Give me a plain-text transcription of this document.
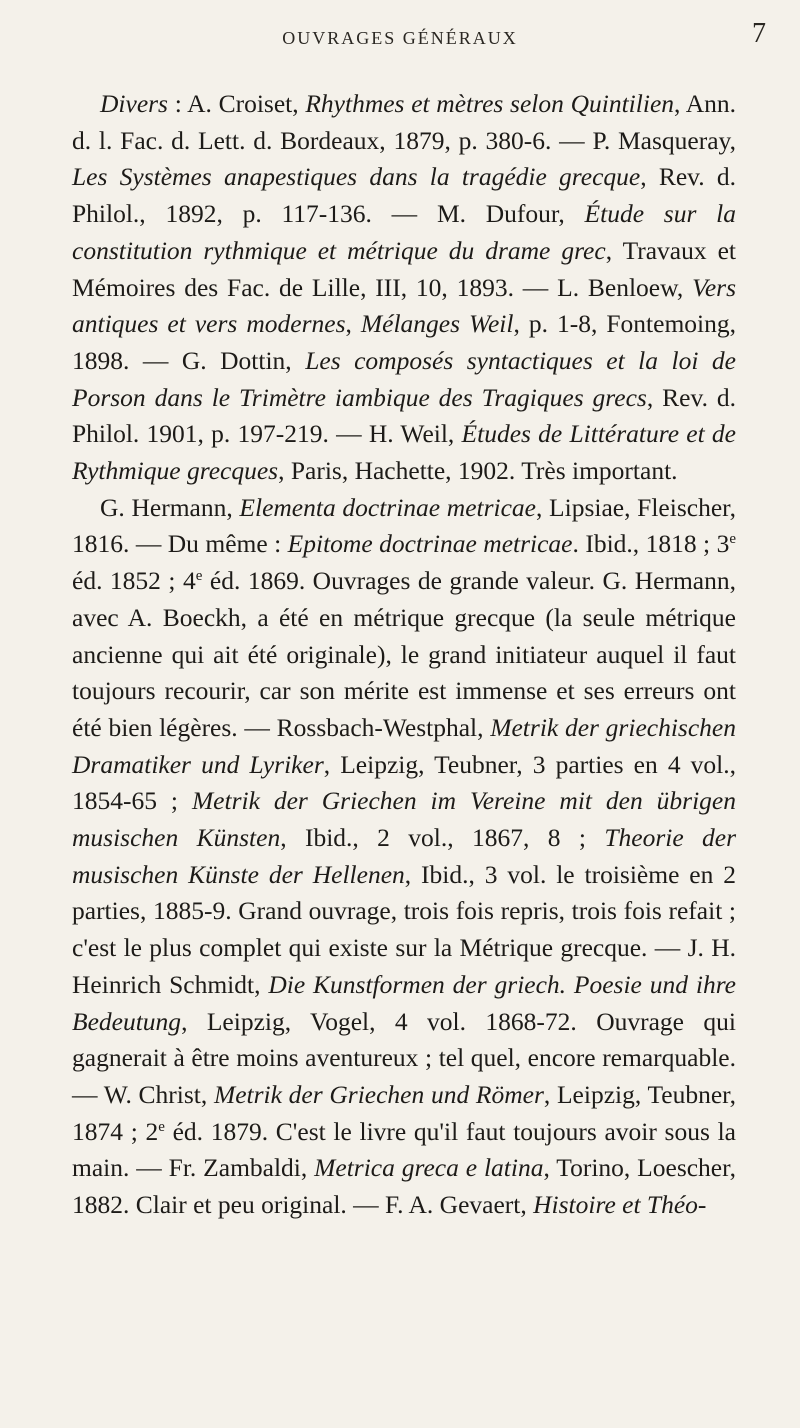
OUVRAGES GÉNÉRAUX	7

Divers : A. Croiset, Rhythmes et mètres selon Quintilien, Ann. d. l. Fac. d. Lett. d. Bordeaux, 1879, p. 380-6. — P. Masqueray, Les Systèmes anapestiques dans la tragédie grecque, Rev. d. Philol., 1892, p. 117-136. — M. Dufour, Étude sur la constitution rythmique et métrique du drame grec, Travaux et Mémoires des Fac. de Lille, III, 10, 1893. — L. Benloew, Vers antiques et vers modernes, Mélanges Weil, p. 1-8, Fontemoing, 1898. — G. Dottin, Les composés syntactiques et la loi de Porson dans le Trimètre iambique des Tragiques grecs, Rev. d. Philol. 1901, p. 197-219. — H. Weil, Études de Littérature et de Rythmique grecques, Paris, Hachette, 1902. Très important.

G. Hermann, Elementa doctrinae metricae, Lipsiae, Fleischer, 1816. — Du même : Epitome doctrinae metricae. Ibid., 1818 ; 3e éd. 1852 ; 4e éd. 1869. Ouvrages de grande valeur. G. Hermann, avec A. Boeckh, a été en métrique grecque (la seule métrique ancienne qui ait été originale), le grand initiateur auquel il faut toujours recourir, car son mérite est immense et ses erreurs ont été bien légères. — Rossbach-Westphal, Metrik der griechischen Dramatiker und Lyriker, Leipzig, Teubner, 3 parties en 4 vol., 1854-65 ; Metrik der Griechen im Vereine mit den übrigen musischen Künsten, Ibid., 2 vol., 1867, 8 ; Theorie der musischen Künste der Hellenen, Ibid., 3 vol. le troisième en 2 parties, 1885-9. Grand ouvrage, trois fois repris, trois fois refait ; c'est le plus complet qui existe sur la Métrique grecque. — J. H. Heinrich Schmidt, Die Kunstformen der griech. Poesie und ihre Bedeutung, Leipzig, Vogel, 4 vol. 1868-72. Ouvrage qui gagnerait à être moins aventureux ; tel quel, encore remarquable. — W. Christ, Metrik der Griechen und Römer, Leipzig, Teubner, 1874 ; 2e éd. 1879. C'est le livre qu'il faut toujours avoir sous la main. — Fr. Zambaldi, Metrica greca e latina, Torino, Loescher, 1882. Clair et peu original. — F. A. Gevaert, Histoire et Théo-
